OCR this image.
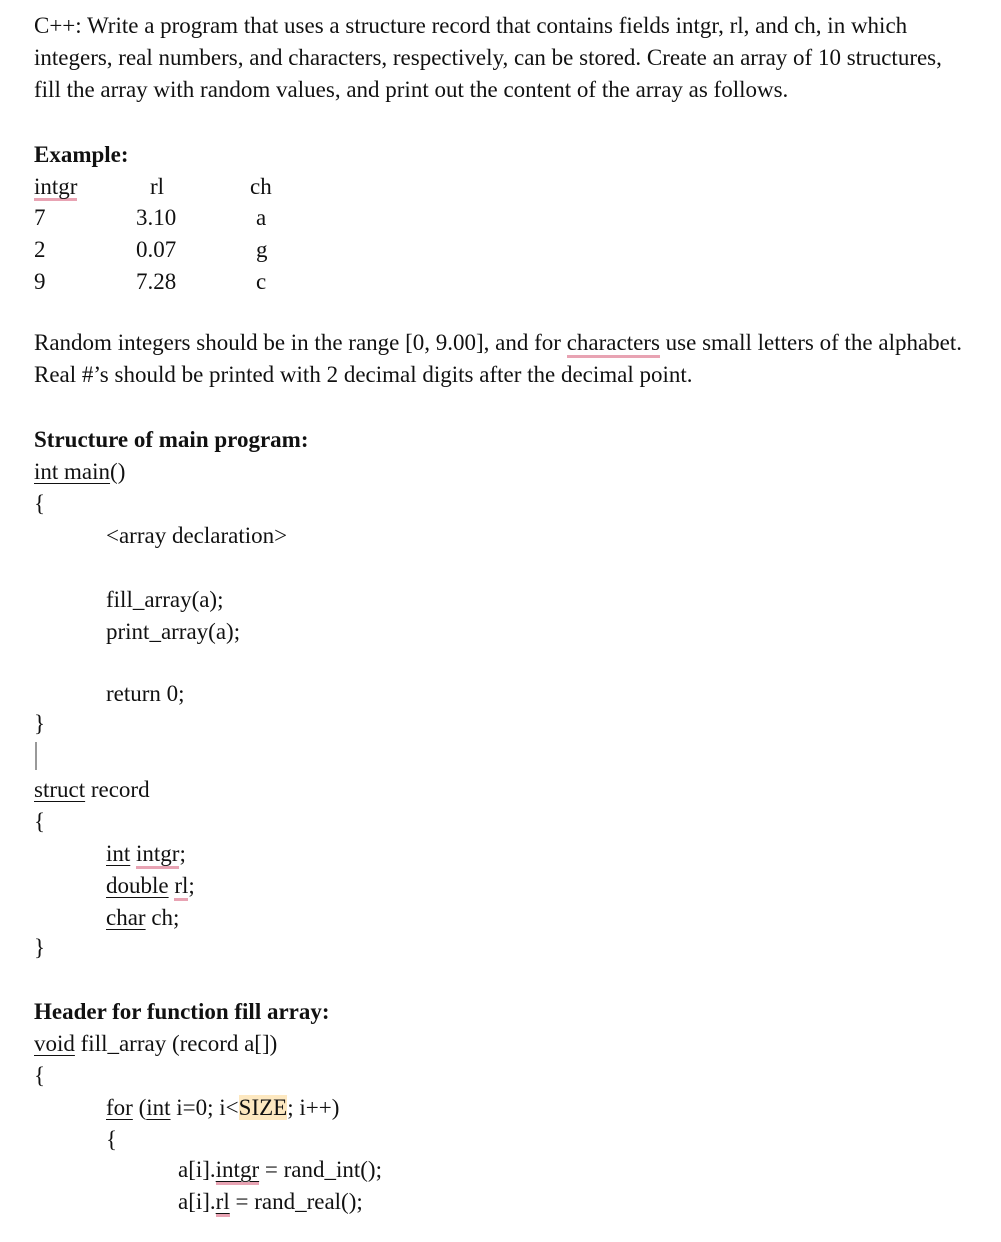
C++: Write a program that uses a structure record that contains fields intgr, rl, and ch, in which integers, real numbers, and characters, respectively, can be stored. Create an array of 10 structures, fill the array with random values, and print out the content of the array as follows.
Example:
intgr	rl	ch
7	3.10	a
2	0.07	g
9	7.28	c
Random integers should be in the range [0, 9.00], and for characters use small letters of the alphabet. Real #’s should be printed with 2 decimal digits after the decimal point.
Structure of main program:
int main()
{
<array declaration>
fill_array(a);
print_array(a);
return 0;
}
struct record
{
int intgr;
double rl;
char ch;
}
Header for function fill array:
void fill_array (record a[])
{
for (int i=0; i<SIZE; i++)
{
a[i].intgr = rand_int();
a[i].rl = rand_real();
